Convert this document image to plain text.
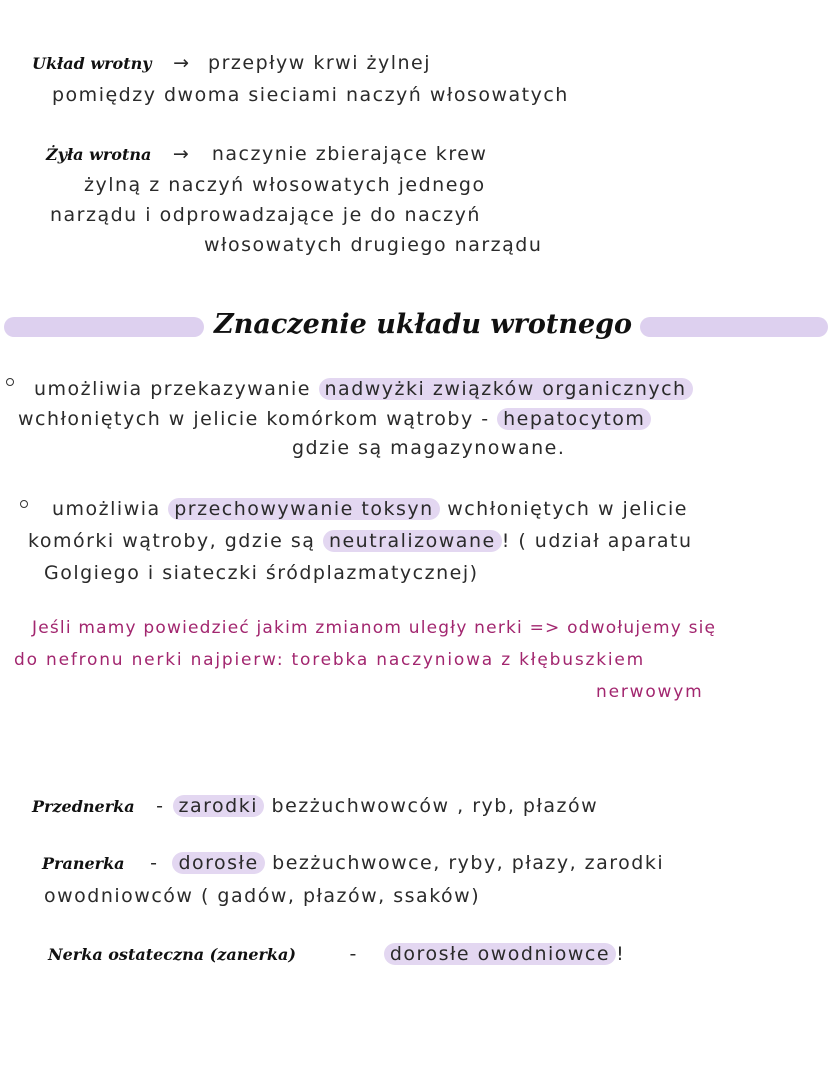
Układ wrotny → przepływ krwi żylnej
pomiędzy dwoma sieciami naczyń włosowatych
Żyła wrotna → naczynie zbierające krew
żylną z naczyń włosowatych jednego
narządu i odprowadzające je do naczyń
włosowatych drugiego narządu
Znaczenie układu wrotnego
umożliwia przekazywanie nadwyżki związków organicznych
wchłoniętych w jelicie komórkom wątroby - hepatocytom
gdzie są magazynowane.
umożliwia przechowywanie toksyn wchłoniętych w jelicie
komórki wątroby, gdzie są neutralizowane ! ( udział aparatu
Golgiego i siateczki śródplazmatycznej)
Jeśli mamy powiedzieć jakim zmianom uległy nerki => odwołujemy się
do nefronu nerki najpierw: torebka naczyniowa z kłębuszkiem
nerwowym
Przednerka - zarodki bezżuchwowców , ryb, płazów
Pranerka - dorosłe bezżuchwowce, ryby, płazy, zarodki
owodniowców ( gadów, płazów, ssaków)
Nerka ostateczna (zanerka)	- dorosłe owodniowce !
